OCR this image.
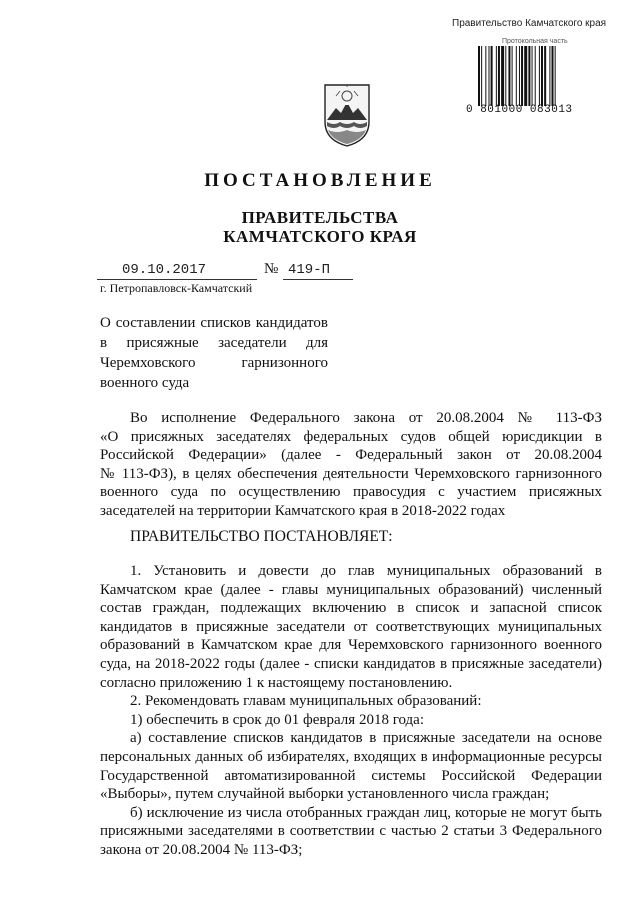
Правительство Камчатского края
Протокольная часть
0 801000 083013
ПОСТАНОВЛЕНИЕ
ПРАВИТЕЛЬСТВА
КАМЧАТСКОГО КРАЯ
09.10.2017	№ 419-П
г. Петропавловск-Камчатский
О составлении списков кандидатов
в присяжные заседатели для
Черемховского гарнизонного
военного суда
Во исполнение Федерального закона от 20.08.2004 № 113-ФЗ
«О присяжных заседателях федеральных судов общей юрисдикции в
Российской Федерации» (далее - Федеральный закон от 20.08.2004
№ 113-ФЗ), в целях обеспечения деятельности Черемховского гарнизонного
военного суда по осуществлению правосудия с участием присяжных
заседателей на территории Камчатского края в 2018-2022 годах
ПРАВИТЕЛЬСТВО ПОСТАНОВЛЯЕТ:
1. Установить и довести до глав муниципальных образований в
Камчатском крае (далее - главы муниципальных образований) численный
состав граждан, подлежащих включению в список и запасной список
кандидатов в присяжные заседатели от соответствующих муниципальных
образований в Камчатском крае для Черемховского гарнизонного военного
суда, на 2018-2022 годы (далее - списки кандидатов в присяжные заседатели)
согласно приложению 1 к настоящему постановлению.
2. Рекомендовать главам муниципальных образований:
1) обеспечить в срок до 01 февраля 2018 года:
а) составление списков кандидатов в присяжные заседатели на основе
персональных данных об избирателях, входящих в информационные ресурсы
Государственной автоматизированной системы Российской Федерации
«Выборы», путем случайной выборки установленного числа граждан;
б) исключение из числа отобранных граждан лиц, которые не могут быть
присяжными заседателями в соответствии с частью 2 статьи 3 Федерального
закона от 20.08.2004 № 113-ФЗ;
